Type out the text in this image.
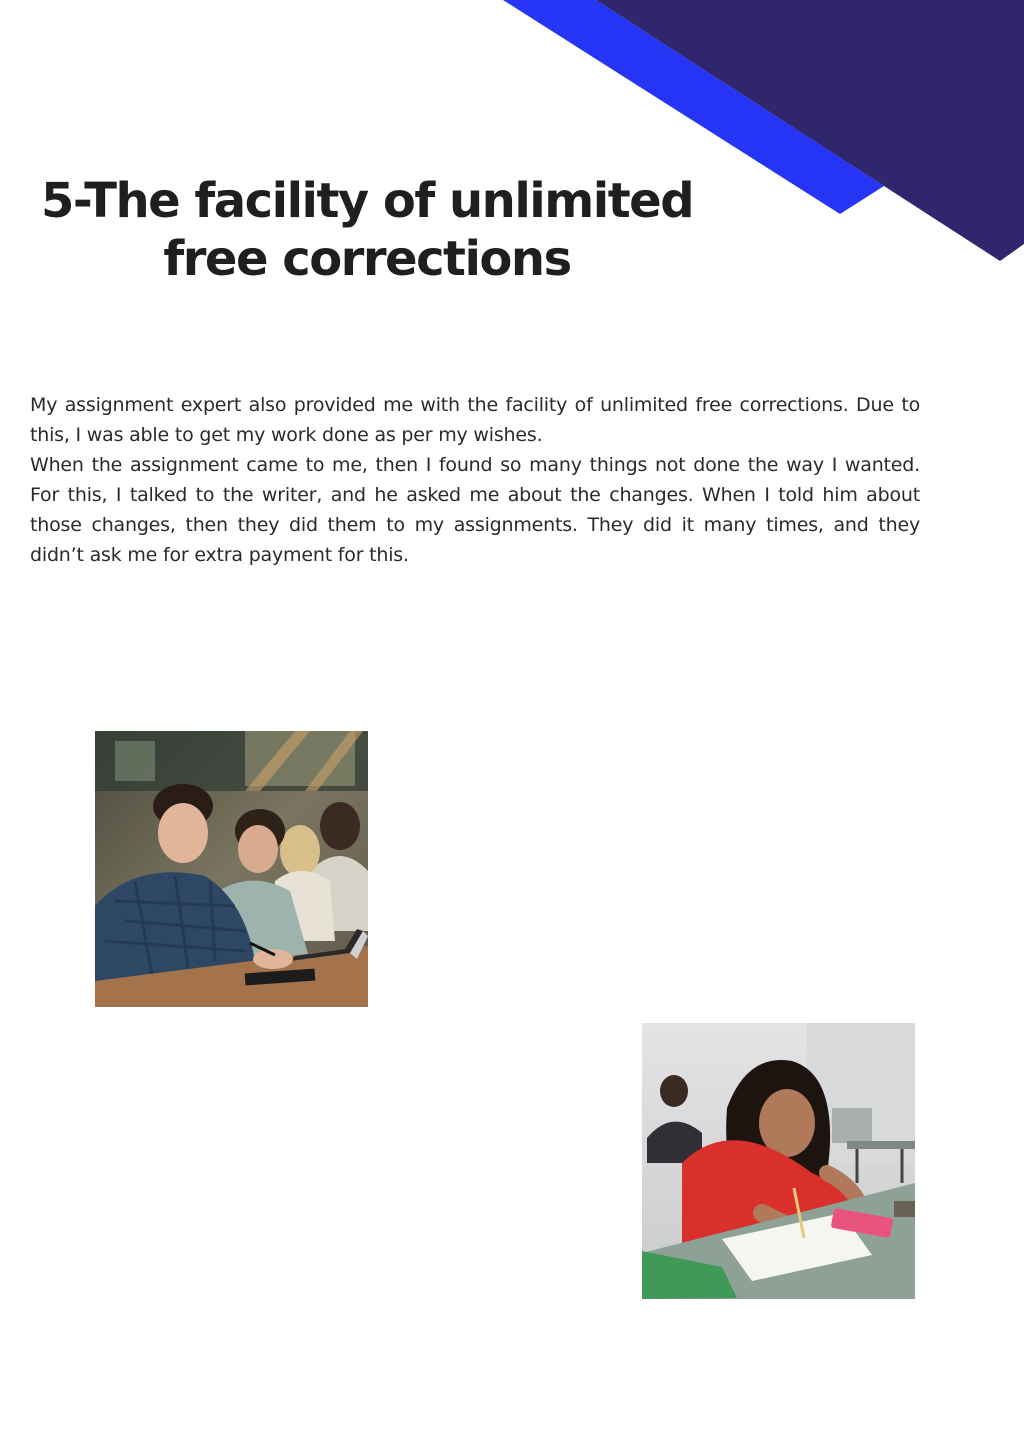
5-The facility of unlimited free corrections

My assignment expert also provided me with the facility of unlimited free corrections. Due to this, I was able to get my work done as per my wishes.

When the assignment came to me, then I found so many things not done the way I wanted. For this, I talked to the writer, and he asked me about the changes. When I told him about those changes, then they did them to my assignments. They did it many times, and they didn’t ask me for extra payment for this.
